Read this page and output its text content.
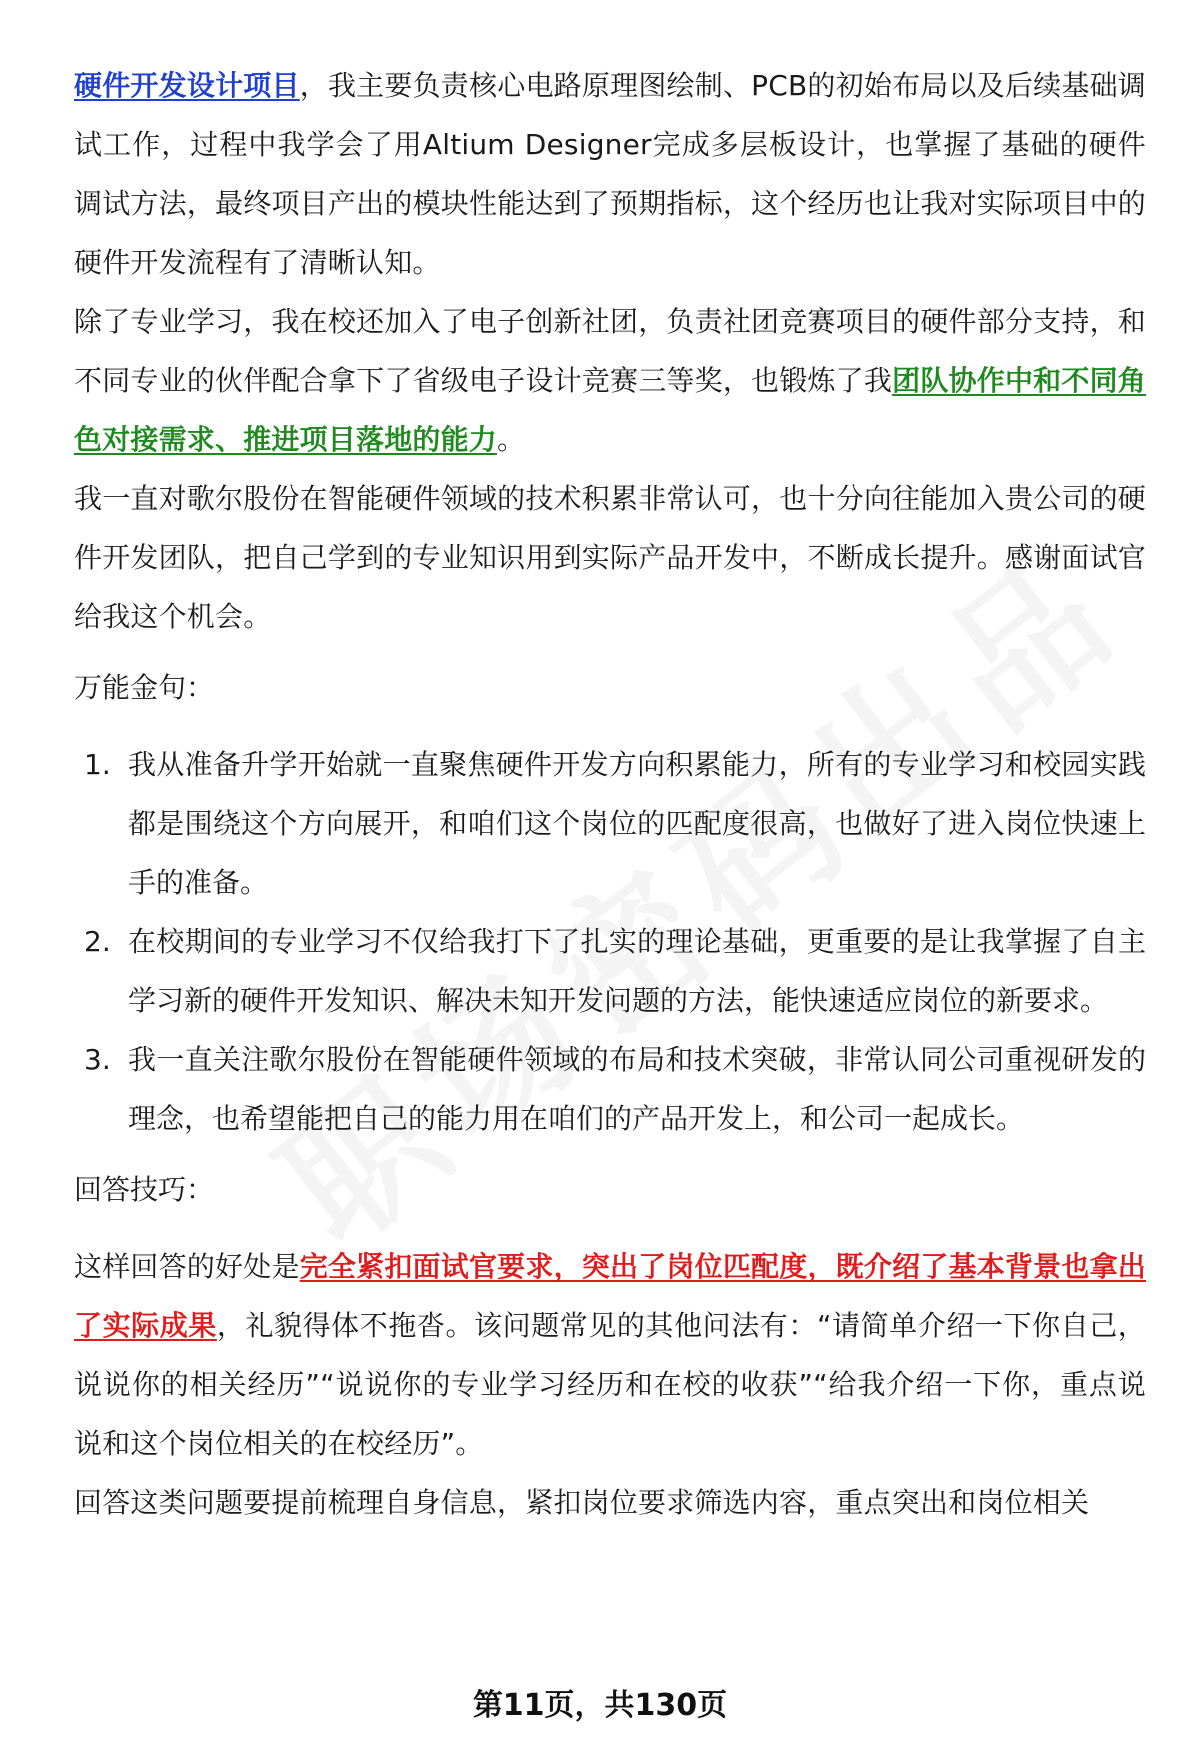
硬件开发设计项目，我主要负责核心电路原理图绘制、PCB的初始布局以及后续基础调试工作，过程中我学会了用Altium Designer完成多层板设计，也掌握了基础的硬件调试方法，最终项目产出的模块性能达到了预期指标，这个经历也让我对实际项目中的硬件开发流程有了清晰认知。

除了专业学习，我在校还加入了电子创新社团，负责社团竞赛项目的硬件部分支持，和不同专业的伙伴配合拿下了省级电子设计竞赛三等奖，也锻炼了我团队协作中和不同角色对接需求、推进项目落地的能力。

我一直对歌尔股份在智能硬件领域的技术积累非常认可，也十分向往能加入贵公司的硬件开发团队，把自己学到的专业知识用到实际产品开发中，不断成长提升。感谢面试官给我这个机会。

万能金句：

1. 我从准备升学开始就一直聚焦硬件开发方向积累能力，所有的专业学习和校园实践都是围绕这个方向展开，和咱们这个岗位的匹配度很高，也做好了进入岗位快速上手的准备。
2. 在校期间的专业学习不仅给我打下了扎实的理论基础，更重要的是让我掌握了自主学习新的硬件开发知识、解决未知开发问题的方法，能快速适应岗位的新要求。
3. 我一直关注歌尔股份在智能硬件领域的布局和技术突破，非常认同公司重视研发的理念，也希望能把自己的能力用在咱们的产品开发上，和公司一起成长。

回答技巧：

这样回答的好处是完全紧扣面试官要求，突出了岗位匹配度，既介绍了基本背景也拿出了实际成果，礼貌得体不拖沓。该问题常见的其他问法有：“请简单介绍一下你自己，说说你的相关经历”“说说你的专业学习经历和在校的收获”“给我介绍一下你，重点说说和这个岗位相关的在校经历”。

回答这类问题要提前梳理自身信息，紧扣岗位要求筛选内容，重点突出和岗位相关

第11页，共130页
